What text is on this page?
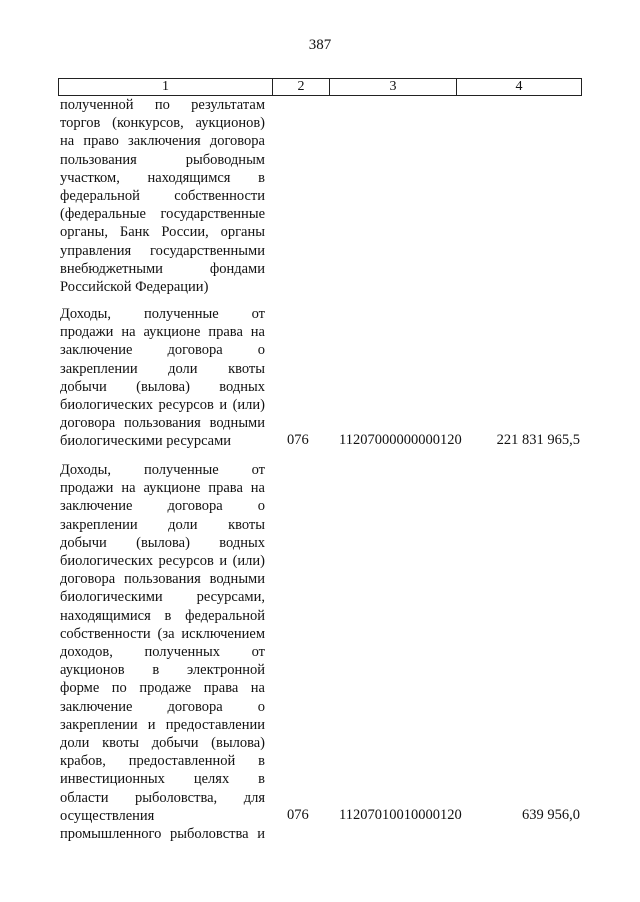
387
1	2	3	4
полученной по результатам
торгов (конкурсов, аукционов)
на право заключения договора
пользования рыбоводным
участком, находящимся в
федеральной собственности
(федеральные государственные
органы, Банк России, органы
управления государственными
внебюджетными фондами
Российской Федерации)
Доходы, полученные от
продажи на аукционе права на
заключение договора о
закреплении доли квоты
добычи (вылова) водных
биологических ресурсов и (или)
договора пользования водными
биологическими ресурсами	076 11207000000000120 221 831 965,5
Доходы, полученные от
продажи на аукционе права на
заключение договора о
закреплении доли квоты
добычи (вылова) водных
биологических ресурсов и (или)
договора пользования водными
биологическими ресурсами,
находящимися в федеральной
собственности (за исключением
доходов, полученных от
аукционов в электронной
форме по продаже права на
заключение договора о
закреплении и предоставлении
доли квоты добычи (вылова)
крабов, предоставленной в
инвестиционных целях в
области рыболовства, для
осуществления
промышленного рыболовства и
076 11207010010000120	639 956,0
